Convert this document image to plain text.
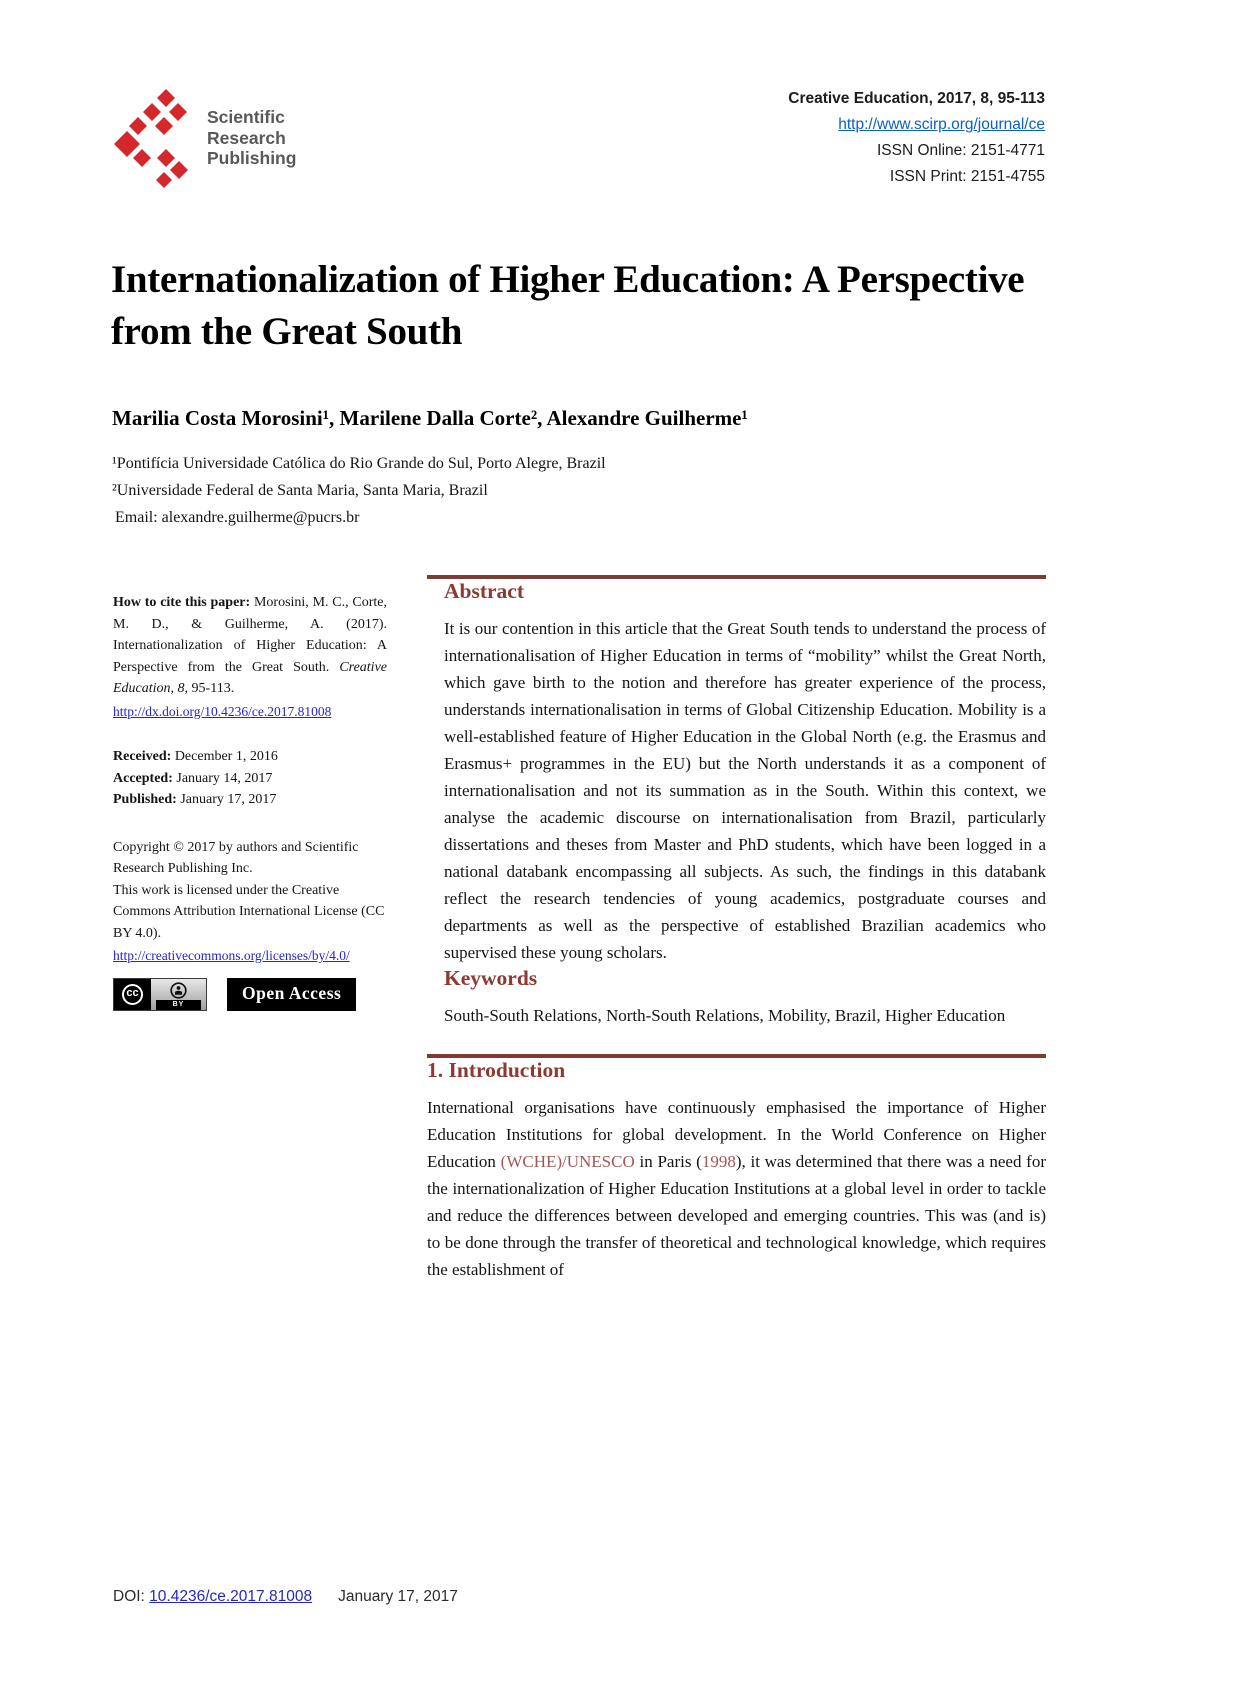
Scientific
Research
Publishing
Creative Education, 2017, 8, 95-113
http://www.scirp.org/journal/ce
ISSN Online: 2151-4771
ISSN Print: 2151-4755
Internationalization of Higher Education: A Perspective from the Great South
Marilia Costa Morosini¹, Marilene Dalla Corte², Alexandre Guilherme¹
¹Pontifícia Universidade Católica do Rio Grande do Sul, Porto Alegre, Brazil
²Universidade Federal de Santa Maria, Santa Maria, Brazil
Email: alexandre.guilherme@pucrs.br
How to cite this paper: Morosini, M. C., Corte, M. D., & Guilherme, A. (2017). Internationalization of Higher Education: A Perspective from the Great South. Creative Education, 8, 95-113.
http://dx.doi.org/10.4236/ce.2017.81008
Received: December 1, 2016
Accepted: January 14, 2017
Published: January 17, 2017
Copyright © 2017 by authors and Scientific Research Publishing Inc.
This work is licensed under the Creative Commons Attribution International License (CC BY 4.0).
http://creativecommons.org/licenses/by/4.0/
cc
BY
Open Access
Abstract

It is our contention in this article that the Great South tends to understand the process of internationalisation of Higher Education in terms of “mobility” whilst the Great North, which gave birth to the notion and therefore has greater experience of the process, understands internationalisation in terms of Global Citizenship Education. Mobility is a well-established feature of Higher Education in the Global North (e.g. the Erasmus and Erasmus+ programmes in the EU) but the North understands it as a component of internationalisation and not its summation as in the South. Within this context, we analyse the academic discourse on internationalisation from Brazil, particularly dissertations and theses from Master and PhD students, which have been logged in a national databank encompassing all subjects. As such, the findings in this databank reflect the research tendencies of young academics, postgraduate courses and departments as well as the perspective of established Brazilian academics who supervised these young scholars.

Keywords

South-South Relations, North-South Relations, Mobility, Brazil, Higher Education

1. Introduction

International organisations have continuously emphasised the importance of Higher Education Institutions for global development. In the World Conference on Higher Education (WCHE)/UNESCO in Paris (1998), it was determined that there was a need for the internationalization of Higher Education Institutions at a global level in order to tackle and reduce the differences between developed and emerging countries. This was (and is) to be done through the transfer of theoretical and technological knowledge, which requires the establishment of

DOI: 10.4236/ce.2017.81008 January 17, 2017
